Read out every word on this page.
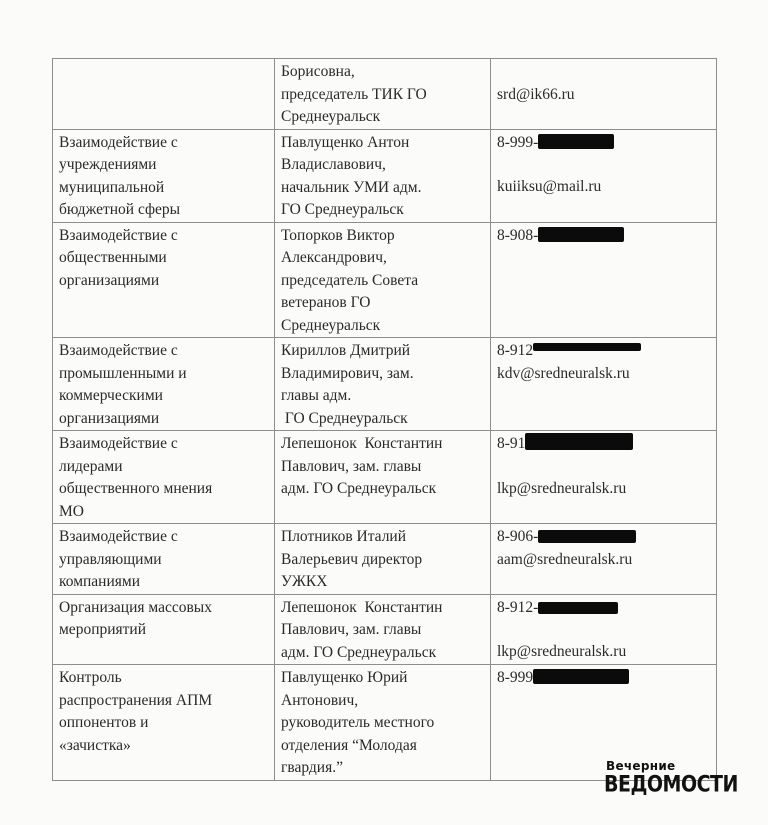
	Борисовна,
председатель ТИК ГО
Среднеуральск	srd@ik66.ru

Взаимодействие с
учреждениями
муниципальной
бюджетной сферы	Павлущенко Антон
Владиславович,
начальник УМИ адм.
ГО Среднеуральск	8-999-
kuiiksu@mail.ru

Взаимодействие с
общественными
организациями	Топорков Виктор
Александрович,
председатель Совета
ветеранов ГО
Среднеуральск	8-908-

Взаимодействие с
промышленными и
коммерческими
организациями	Кириллов Дмитрий
Владимирович, зам.
главы адм.
ГО Среднеуральск	8-912
kdv@sredneuralsk.ru

Взаимодействие с
лидерами
общественного мнения
МО	Лепешонок  Константин
Павлович, зам. главы
адм. ГО Среднеуральск	8-91
lkp@sredneuralsk.ru

Взаимодействие с
управляющими
компаниями	Плотников Италий
Валерьевич директор
УЖКХ	8-906-
aam@sredneuralsk.ru

Организация массовых
мероприятий	Лепешонок  Константин
Павлович, зам. главы
адм. ГО Среднеуральск	8-912-
lkp@sredneuralsk.ru

Контроль
распространения АПМ
оппонентов и
«зачистка»	Павлущенко Юрий
Антонович,
руководитель местного
отделения “Молодая
гвардия.”	8-999
Вечерние
ВЕДОМОСТИ
